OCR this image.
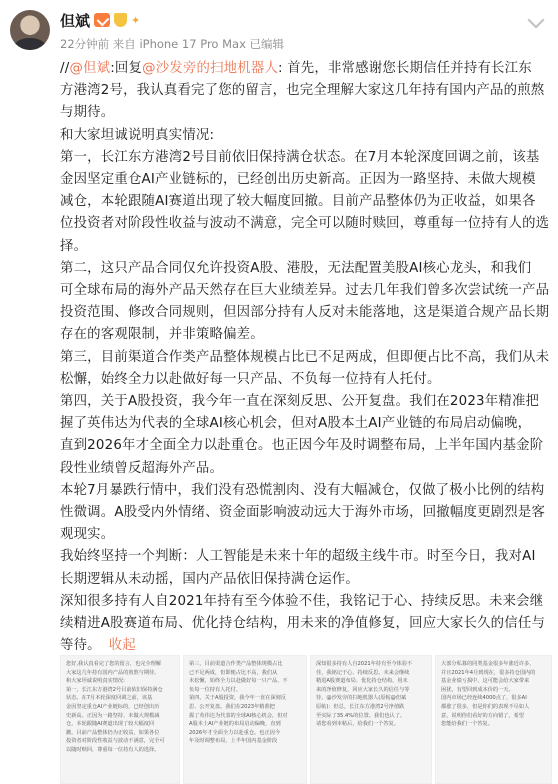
但斌	✦
22分钟前 来自 iPhone 17 Pro Max 已编辑

//@但斌:回复@沙发旁的扫地机器人: 首先，非常感谢您长期信任并持有长江东
方港湾2号，我认真看完了您的留言，也完全理解大家这几年持有国内产品的煎熬
与期待。

和大家坦诚说明真实情况:

第一，长江东方港湾2号目前依旧保持满仓状态。在7月本轮深度回调之前，该基
金因坚定重仓AI产业链标的，已经创出历史新高。正因为一路坚持、未做大规模
减仓，本轮跟随AI赛道出现了较大幅度回撤。目前产品整体仍为正收益，如果各
位投资者对阶段性收益与波动不满意，完全可以随时赎回，尊重每一位持有人的选
择。

第二，这只产品合同仅允许投资A股、港股，无法配置美股AI核心龙头，和我们
可全球布局的海外产品天然存在巨大业绩差异。过去几年我们曾多次尝试统一产品
投资范围、修改合同规则，但因部分持有人反对未能落地，这是渠道合规产品长期
存在的客观限制，并非策略偏差。

第三，目前渠道合作类产品整体规模占比已不足两成，但即便占比不高，我们从未
松懈，始终全力以赴做好每一只产品、不负每一位持有人托付。

第四，关于A股投资，我今年一直在深刻反思、公开复盘。我们在2023年精准把
握了英伟达为代表的全球AI核心机会，但对A股本土AI产业链的布局启动偏晚，
直到2026年才全面全力以赴重仓。也正因今年及时调整布局，上半年国内基金阶
段性业绩曾反超海外产品。

本轮7月暴跌行情中，我们没有恐慌割肉、没有大幅减仓，仅做了极小比例的结构
性微调。A股受内外情绪、资金面影响波动远大于海外市场，回撤幅度更剧烈是客
观现实。

我始终坚持一个判断：人工智能是未来十年的超级主线牛市。时至今日，我对AI
长期逻辑从未动摇，国内产品依旧保持满仓运作。

深知很多持有人自2021年持有至今体验不佳，我铭记于心、持续反思。未来会继
续精进A股赛道布局、优化持仓结构，用未来的净值修复，回应大家长久的信任与
等待。 收起

您好,我认真看完了您的留言，也完全理解
大家这几年持有国内产品的煎熬与期待。
和大家坦诚说明真实情况:
第一，长江东方港湾2号目前依旧保持满仓
状态。在7月本轮深度回调之前，该基
金因坚定重仓AI产业链标的，已经创出历
史新高。正因为一路坚持、未做大规模减
仓，本轮跟随AI赛道出现了较大幅度回
撤。目前产品整体仍为正收益，如果各位
投资者对阶段性收益与波动不满意，完全可
以随时赎回，尊重每一位持有人的选择。
第三，目前渠道合作类产品整体规模占比
已不足两成，但即便占比不高，我们从
未松懈，始终全力以赴做好每一只产品、不
负每一位持有人托付。
第四，关于A股投资，我今年一直在深刻反
思、公开复盘。我们在2023年精准把
握了英伟达为代表的全球AI核心机会，但对
A股本土AI产业链的布局启动偏晚，直到
2026年才全面全力以赴重仓。也正因今
年及时调整布局，上半年国内基金阶段
深知很多持有人自2021年持有至今体验不
佳，我铭记于心、持续反思。未来会继续
精进A股赛道布局、优化持仓结构，用未
来的净值修复，回应大家长久的信任与等
待。@沙发旁的扫地机器人(原帖@但斌
原帖)：但总，长江东方港湾2号净值跌
至实际了35.4%的位置。我们也认了。
请您看到本帖后，给我们一个答复。
大部分私募的同类基金很多年涨近许多，
并且2021年4月到现在，很多持仓国内的
基金业绩亏损中，这可能会给大家带来
困扰，有望回到成本价的一天。
国内市场已经连续4000点了，很多AI
都涨了很多，但是你们的表现不尽如人
意，说明你们看好的方向错了，希望
您能给我们一个答复。
